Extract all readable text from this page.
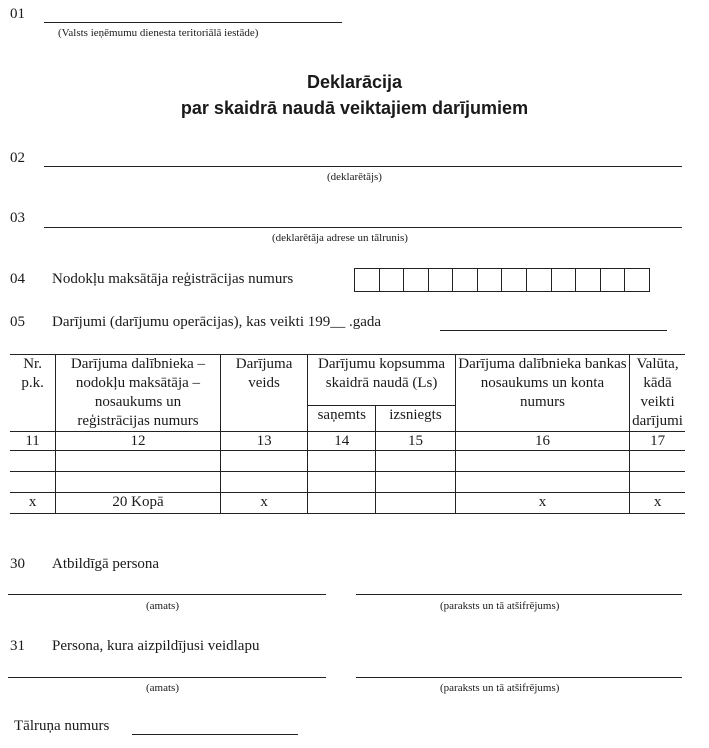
01
(Valsts ieņēmumu dienesta teritoriālā iestāde)
Deklarācija
par skaidrā naudā veiktajiem darījumiem
02
(deklarētājs)
03
(deklarētāja adrese un tālrunis)
04 Nodokļu maksātāja reģistrācijas numurs
05 Darījumi (darījumu operācijas), kas veikti 199__ .gada
Nr. p.k.	Darījuma dalībnieka – nodokļu maksātāja – nosaukums un reģistrācijas numurs	Darījuma veids	Darījumu kopsumma skaidrā naudā (Ls)		Darījuma dalībnieka bankas nosaukums un konta numurs	Valūta, kādā veikti darījumi
			saņemts	izsniegts		
11	12	13	14	15	16	17

x	20 Kopā	x			x	x
30 Atbildīgā persona
(amats)	(paraksts un tā atšifrējums)
31 Persona, kura aizpildījusi veidlapu
(amats)	(paraksts un tā atšifrējums)
Tālruņa numurs
